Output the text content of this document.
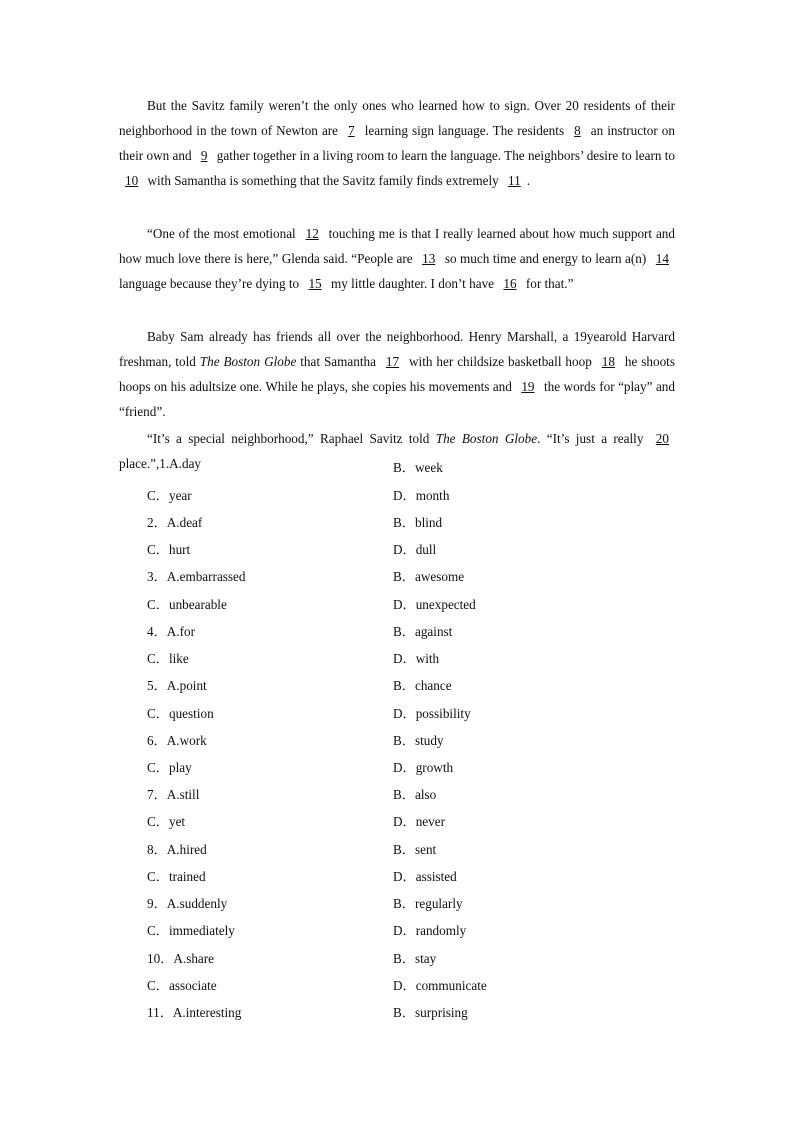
But the Savitz family weren’t the only ones who learned how to sign. Over 20 residents of their neighborhood in the town of Newton are 7 learning sign language. The residents 8 an instructor on their own and 9 gather together in a living room to learn the language. The neighbors’ desire to learn to 10 with Samantha is something that the Savitz family finds extremely 11 .

“One of the most emotional 12 touching me is that I really learned about how much support and how much love there is here,” Glenda said. “People are 13 so much time and energy to learn a(n) 14 language because they’re dying to 15 my little daughter. I don’t have 16 for that.”

Baby Sam already has friends all over the neighborhood. Henry Marshall, a 19yearold Harvard freshman, told The Boston Globe that Samantha 17 with her childsize basketball hoop 18 he shoots hoops on his adultsize one. While he plays, she copies his movements and 19 the words for “play” and “friend”.

“It’s a special neighborhood,” Raphael Savitz told The Boston Globe. “It’s just a really 20 place.”,1.A.day	B．week
C．year	D．month
2．A.deaf	B．blind
C．hurt	D．dull
3．A.embarrassed	B．awesome
C．unbearable	D．unexpected
4．A.for	B．against
C．like	D．with
5．A.point	B．chance
C．question	D．possibility
6．A.work	B．study
C．play	D．growth
7．A.still	B．also
C．yet	D．never
8．A.hired	B．sent
C．trained	D．assisted
9．A.suddenly	B．regularly
C．immediately	D．randomly
10．A.share	B．stay
C．associate	D．communicate
11．A.interesting	B．surprising
